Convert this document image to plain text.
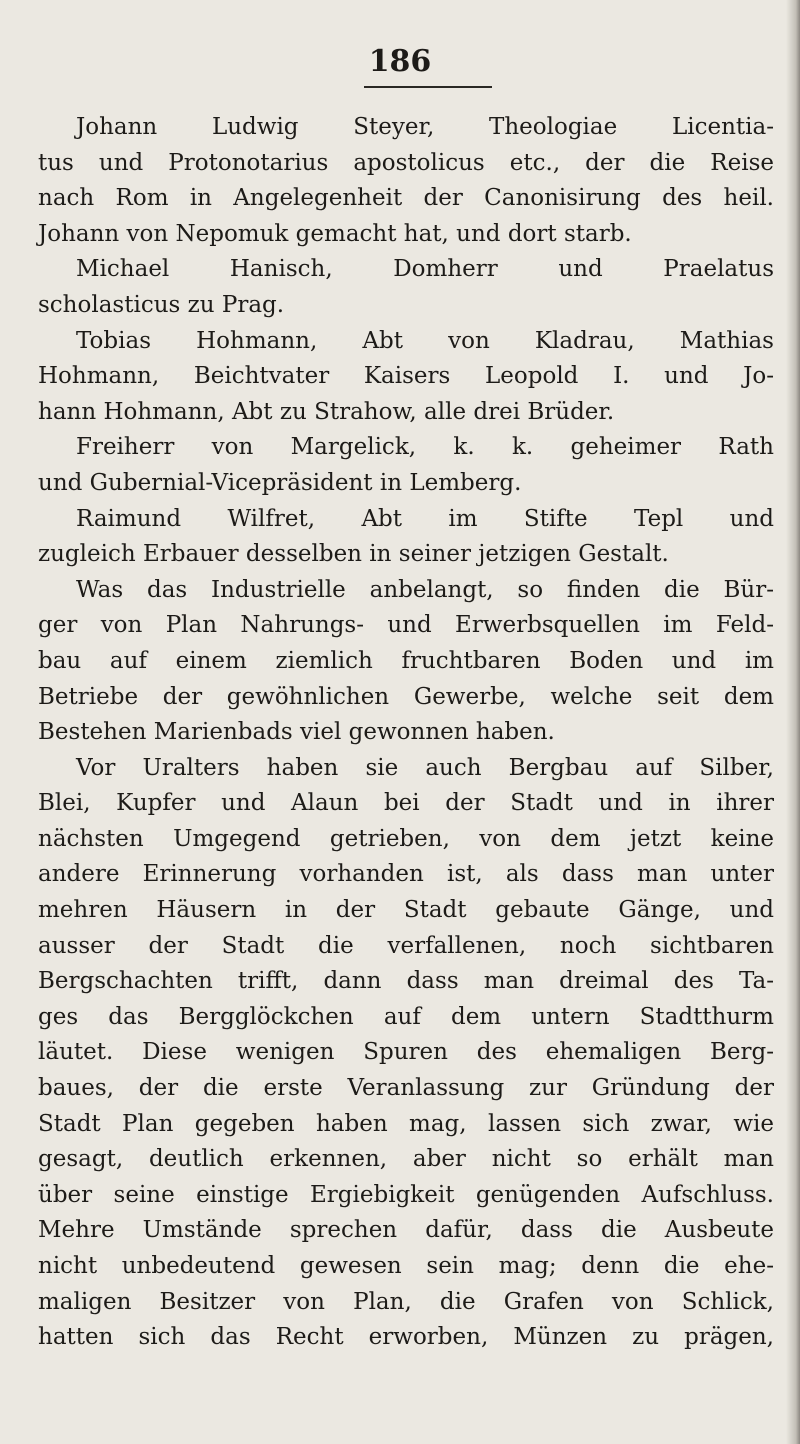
186
Johann Ludwig Steyer, Theologiae Licentia-
tus und Protonotarius apostolicus etc., der die Reise
nach Rom in Angelegenheit der Canonisirung des heil.
Johann von Nepomuk gemacht hat, und dort starb.
Michael Hanisch, Domherr und Praelatus
scholasticus zu Prag.
Tobias Hohmann, Abt von Kladrau, Mathias
Hohmann, Beichtvater Kaisers Leopold I. und Jo-
hann Hohmann, Abt zu Strahow, alle drei Brüder.
Freiherr von Margelick, k. k. geheimer Rath
und Gubernial-Vicepräsident in Lemberg.
Raimund Wilfret, Abt im Stifte Tepl und
zugleich Erbauer desselben in seiner jetzigen Gestalt.
Was das Industrielle anbelangt, so finden die Bür-
ger von Plan Nahrungs- und Erwerbsquellen im Feld-
bau auf einem ziemlich fruchtbaren Boden und im
Betriebe der gewöhnlichen Gewerbe, welche seit dem
Bestehen Marienbads viel gewonnen haben.
Vor Uralters haben sie auch Bergbau auf Silber,
Blei, Kupfer und Alaun bei der Stadt und in ihrer
nächsten Umgegend getrieben, von dem jetzt keine
andere Erinnerung vorhanden ist, als dass man unter
mehren Häusern in der Stadt gebaute Gänge, und
ausser der Stadt die verfallenen, noch sichtbaren
Bergschachten trifft, dann dass man dreimal des Ta-
ges das Bergglöckchen auf dem untern Stadtthurm
läutet. Diese wenigen Spuren des ehemaligen Berg-
baues, der die erste Veranlassung zur Gründung der
Stadt Plan gegeben haben mag, lassen sich zwar, wie
gesagt, deutlich erkennen, aber nicht so erhält man
über seine einstige Ergiebigkeit genügenden Aufschluss.
Mehre Umstände sprechen dafür, dass die Ausbeute
nicht unbedeutend gewesen sein mag; denn die ehe-
maligen Besitzer von Plan, die Grafen von Schlick,
hatten sich das Recht erworben, Münzen zu prägen,
